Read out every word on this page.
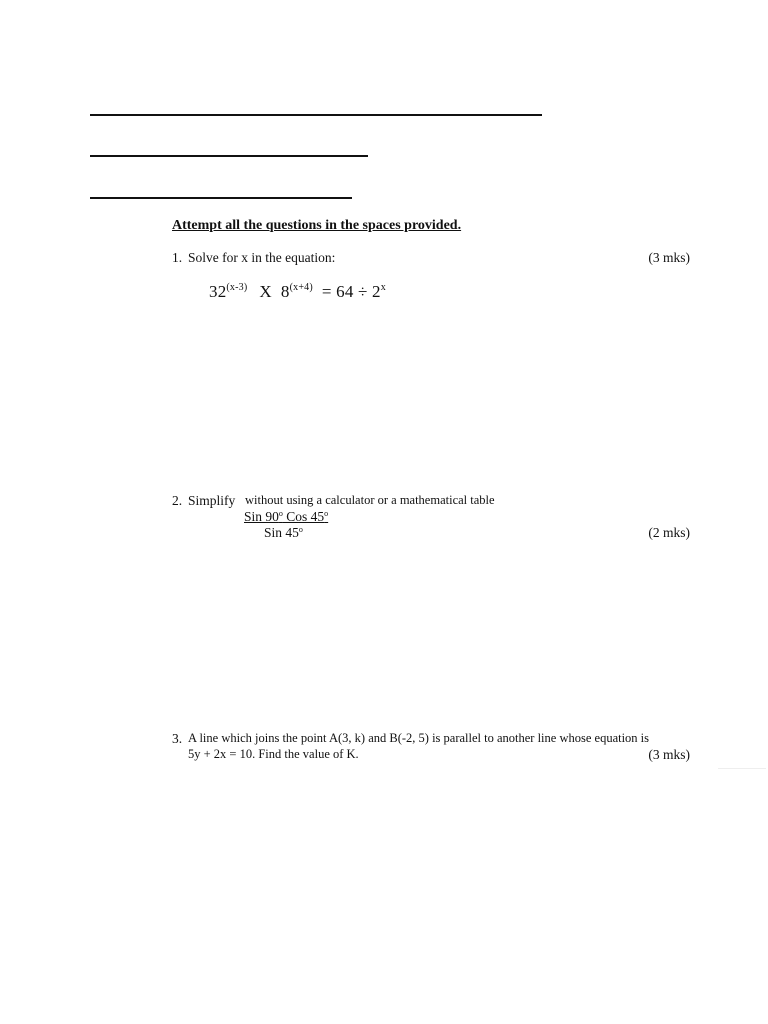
Attempt all the questions in the spaces provided.
1. Solve for x in the equation:	(3 mks)
32$^{(x-3)}$ X $8^{(x+4)} = 64 \div 2^x$
2. Simplify without using a calculator or a mathematical table
Sin 90$^o$ Cos 45$^o$
Sin 45$^o$	(2 mks)
3. A line which joins the point A(3, k) and B(-2, 5) is parallel to another line whose equation is
5y + 2x = 10. Find the value of K.	(3 mks)
